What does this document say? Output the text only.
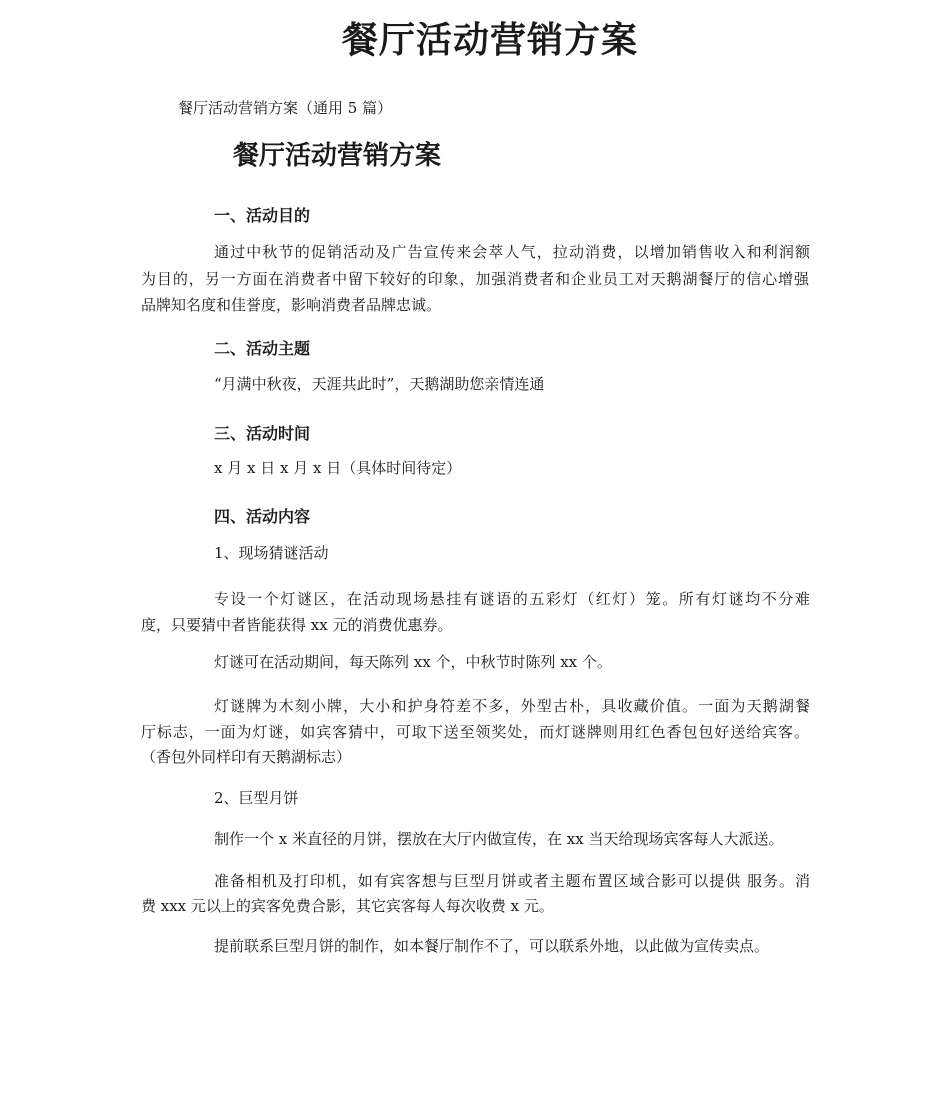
餐厅活动营销方案

餐厅活动营销方案（通用 5 篇）

餐厅活动营销方案
一、活动目的

通过中秋节的促销活动及广告宣传来会萃人气，拉动消费，以增加销售收入和利润额

为目的，另一方面在消费者中留下较好的印象，加强消费者和企业员工对天鹅湖餐厅的信心增强

品牌知名度和佳誉度，影响消费者品牌忠诚。

二、活动主题

“月满中秋夜，天涯共此时”，天鹅湖助您亲情连通

三、活动时间

x 月 x 日 x 月 x 日（具体时间待定）

四、活动内容

1、现场猜谜活动

专设一个灯谜区，在活动现场悬挂有谜语的五彩灯（红灯）笼。所有灯谜均不分难

度，只要猜中者皆能获得 xx 元的消费优惠券。

灯谜可在活动期间，每天陈列 xx 个，中秋节时陈列 xx 个。

灯谜牌为木刻小牌，大小和护身符差不多，外型古朴，具收藏价值。一面为天鹅湖餐

厅标志，一面为灯谜，如宾客猜中，可取下送至领奖处，而灯谜牌则用红色香包包好送给宾客。

（香包外同样印有天鹅湖标志）

2、巨型月饼

制作一个 x 米直径的月饼，摆放在大厅内做宣传，在 xx 当天给现场宾客每人大派送。

准备相机及打印机，如有宾客想与巨型月饼或者主题布置区域合影可以提供 服务。消

费 xxx 元以上的宾客免费合影，其它宾客每人每次收费 x 元。

提前联系巨型月饼的制作，如本餐厅制作不了，可以联系外地，以此做为宣传卖点。
